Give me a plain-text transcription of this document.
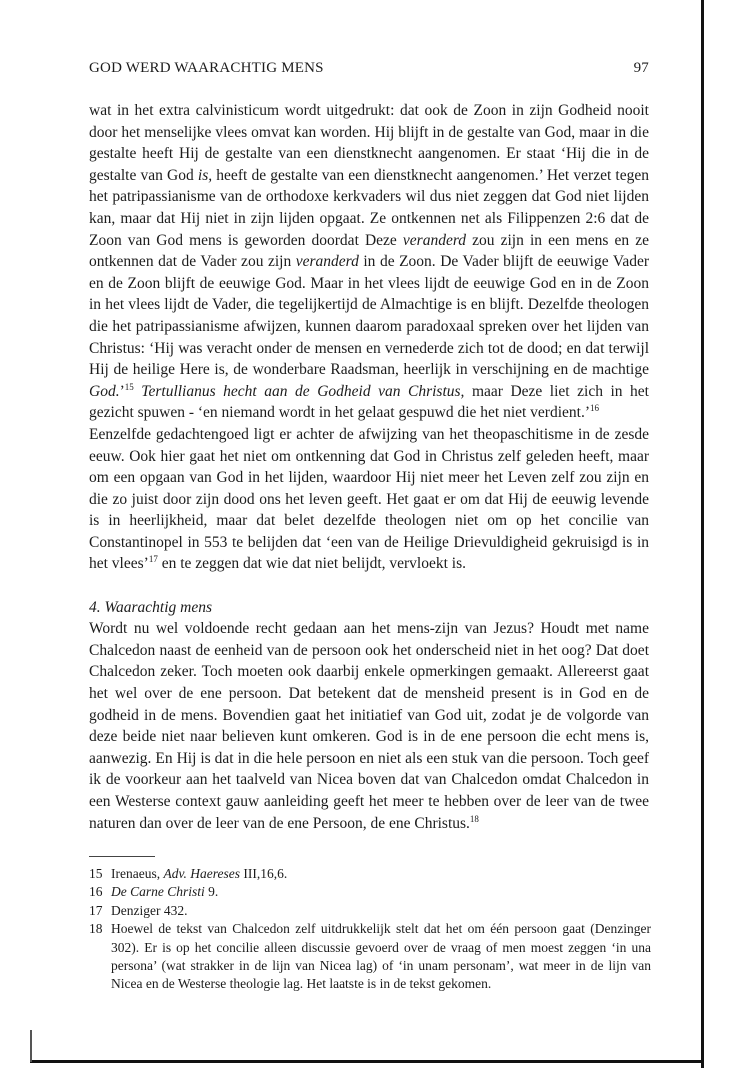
GOD WERD WAARACHTIG MENS	97

wat in het extra calvinisticum wordt uitgedrukt: dat ook de Zoon in zijn Godheid nooit door het menselijke vlees omvat kan worden. Hij blijft in de gestalte van God, maar in die gestalte heeft Hij de gestalte van een dienstknecht aangenomen. Er staat ‘Hij die in de gestalte van God is, heeft de gestalte van een dienstknecht aangenomen.’ Het verzet tegen het patripassianisme van de orthodoxe kerkvaders wil dus niet zeggen dat God niet lijden kan, maar dat Hij niet in zijn lijden opgaat. Ze ontkennen net als Filippenzen 2:6 dat de Zoon van God mens is geworden doordat Deze veranderd zou zijn in een mens en ze ontkennen dat de Vader zou zijn veranderd in de Zoon. De Vader blijft de eeuwige Vader en de Zoon blijft de eeuwige God. Maar in het vlees lijdt de eeuwige God en in de Zoon in het vlees lijdt de Vader, die tegelijkertijd de Almachtige is en blijft. Dezelfde theologen die het patripassianisme afwijzen, kunnen daarom paradoxaal spreken over het lijden van Christus: ‘Hij was veracht onder de mensen en vernederde zich tot de dood; en dat terwijl Hij de heilige Here is, de wonderbare Raadsman, heerlijk in verschijning en de machtige God.’$^{15}$ Tertullianus hecht aan de Godheid van Christus, maar Deze liet zich in het gezicht spuwen - ‘en niemand wordt in het gelaat gespuwd die het niet verdient.’$^{16}$

Eenzelfde gedachtengoed ligt er achter de afwijzing van het theopaschitisme in de zesde eeuw. Ook hier gaat het niet om ontkenning dat God in Christus zelf geleden heeft, maar om een opgaan van God in het lijden, waardoor Hij niet meer het Leven zelf zou zijn en die zo juist door zijn dood ons het leven geeft. Het gaat er om dat Hij de eeuwig levende is in heerlijkheid, maar dat belet dezelfde theologen niet om op het concilie van Constantinopel in 553 te belijden dat ‘een van de Heilige Drievuldigheid gekruisigd is in het vlees’$^{17}$ en te zeggen dat wie dat niet belijdt, vervloekt is.

4. Waarachtig mens

Wordt nu wel voldoende recht gedaan aan het mens-zijn van Jezus? Houdt met name Chalcedon naast de eenheid van de persoon ook het onderscheid niet in het oog? Dat doet Chalcedon zeker. Toch moeten ook daarbij enkele opmerkingen gemaakt. Allereerst gaat het wel over de ene persoon. Dat betekent dat de mensheid present is in God en de godheid in de mens. Bovendien gaat het initiatief van God uit, zodat je de volgorde van deze beide niet naar believen kunt omkeren. God is in de ene persoon die echt mens is, aanwezig. En Hij is dat in die hele persoon en niet als een stuk van die persoon. Toch geef ik de voorkeur aan het taalveld van Nicea boven dat van Chalcedon omdat Chalcedon in een Westerse context gauw aanleiding geeft het meer te hebben over de leer van de twee naturen dan over de leer van de ene Persoon, de ene Christus.$^{18}$

15 Irenaeus, Adv. Haereses III,16,6.
16 De Carne Christi 9.
17 Denziger 432.
18 Hoewel de tekst van Chalcedon zelf uitdrukkelijk stelt dat het om één persoon gaat (Denzinger 302). Er is op het concilie alleen discussie gevoerd over de vraag of men moest zeggen ‘in una persona’ (wat strakker in de lijn van Nicea lag) of ‘in unam personam’, wat meer in de lijn van Nicea en de Westerse theologie lag. Het laatste is in de tekst gekomen.
